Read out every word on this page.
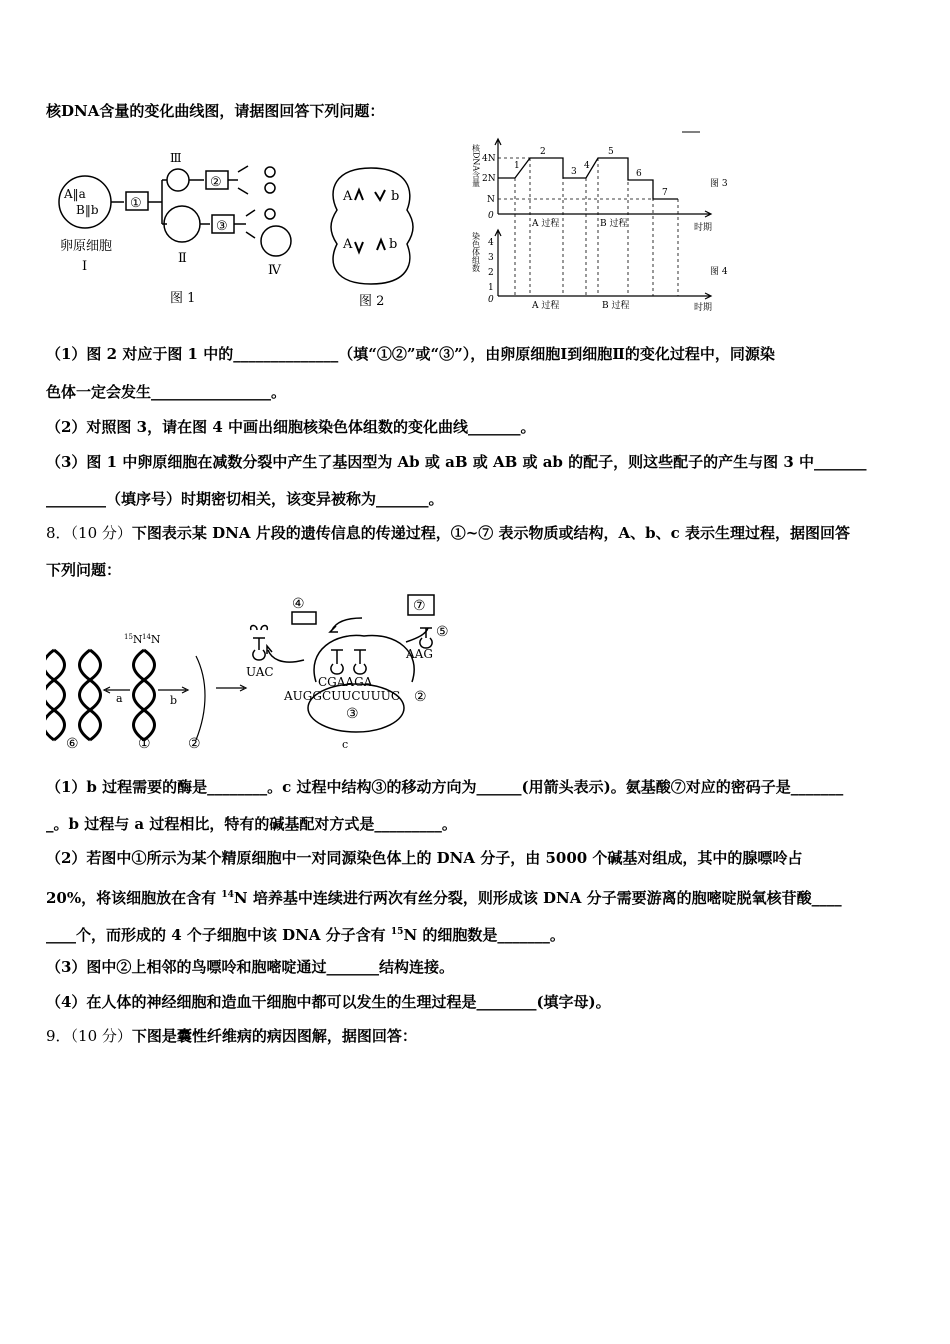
核DNA含量的变化曲线图，请据图回答下列问题：
A‖a
B‖b ①
②
③
Ⅲ
卵原细胞
Ⅰ
Ⅱ
Ⅳ
图 1
A	b
A	b
图 2
4N
2N
N
0
核DNA含量	1
2
3
4
5
6
7
A 过程	B 过程	时期
图 3
4
3
2
1
0
染色体组数
A 过程	B 过程	时期
图 4
（1）图 2 对应于图 1 中的______________（填“①②”或“③”），由卵原细胞Ⅰ到细胞Ⅱ的变化过程中，同源染
色体一定会发生________________。
（2）对照图 3，请在图 4 中画出细胞核染色体组数的变化曲线_______。
（3）图 1 中卵原细胞在减数分裂中产生了基因型为 Ab 或 aB 或 AB 或 ab 的配子，则这些配子的产生与图 3 中_______
________（填序号）时期密切相关，该变异被称为_______。
8．（10 分）下图表示某 DNA 片段的遗传信息的传递过程，①~⑦ 表示物质或结构，A、b、c 表示生理过程，据图回答
下列问题：
a	b
$^{15}$N $^{14}$N
⑥	①	②
④	⑦
⑤
UAC
AAG
CGAAGA
AUGGCUUCUUUC ②
③
c
（1）b 过程需要的酶是________。c 过程中结构③的移动方向为______(用箭头表示)。氨基酸⑦对应的密码子是_______
_。b 过程与 a 过程相比，特有的碱基配对方式是_________。
（2）若图中①所示为某个精原细胞中一对同源染色体上的 DNA 分子，由 5000 个碱基对组成，其中的腺嘌呤占
20%，将该细胞放在含有 $^{14}$N 培养基中连续进行两次有丝分裂，则形成该 DNA 分子需要游离的胞嘧啶脱氧核苷酸____
____个，而形成的 4 个子细胞中该 DNA 分子含有 $^{15}$N 的细胞数是_______。
（3）图中②上相邻的鸟嘌呤和胞嘧啶通过_______结构连接。
（4）在人体的神经细胞和造血干细胞中都可以发生的生理过程是________(填字母)。
9．（10 分）下图是囊性纤维病的病因图解，据图回答：
